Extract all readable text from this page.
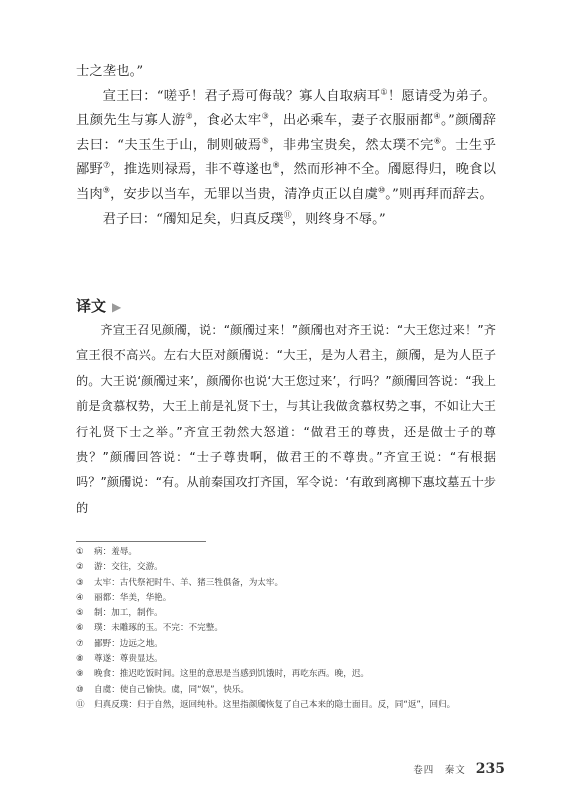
士之垄也。”

宣王曰：“嗟乎！君子焉可侮哉？寡人自取病耳①！愿请受为弟子。且颜先生与寡人游②，食必太牢③，出必乘车，妻子衣服丽都④。”颜斶辞去曰：“夫玉生于山，制则破焉⑤，非弗宝贵矣，然太璞不完⑥。士生乎鄙野⑦，推选则禄焉，非不尊遂也⑧，然而形神不全。斶愿得归，晚食以当肉⑨，安步以当车，无罪以当贵，清净贞正以自虞⑩。”则再拜而辞去。

君子曰：“斶知足矣，归真反璞⑪，则终身不辱。”

译文 ▶

齐宣王召见颜斶，说：“颜斶过来！”颜斶也对齐王说：“大王您过来！”齐宣王很不高兴。左右大臣对颜斶说：“大王，是为人君主，颜斶，是为人臣子的。大王说‘颜斶过来’，颜斶你也说‘大王您过来’，行吗？”颜斶回答说：“我上前是贪慕权势，大王上前是礼贤下士，与其让我做贪慕权势之事，不如让大王行礼贤下士之举。”齐宣王勃然大怒道：“做君王的尊贵，还是做士子的尊贵？”颜斶回答说：“士子尊贵啊，做君王的不尊贵。”齐宣王说：“有根据吗？”颜斶说：“有。从前秦国攻打齐国，军令说：‘有敢到离柳下惠坟墓五十步的

①	病：羞辱。
②	游：交往，交游。
③	太牢：古代祭祀时牛、羊、猪三牲俱备，为太牢。
④	丽都：华美，华艳。
⑤	制：加工，制作。
⑥	璞：未雕琢的玉。不完：不完整。
⑦	鄙野：边远之地。
⑧	尊遂：尊贵显达。
⑨	晚食：推迟吃饭时间。这里的意思是当感到饥饿时，再吃东西。晚，迟。
⑩	自虞：使自己愉快。虞，同“娱”，快乐。
⑪	归真反璞：归于自然，返回纯朴。这里指颜斶恢复了自己本来的隐士面目。反，同“返”，回归。
卷四　秦文 235
